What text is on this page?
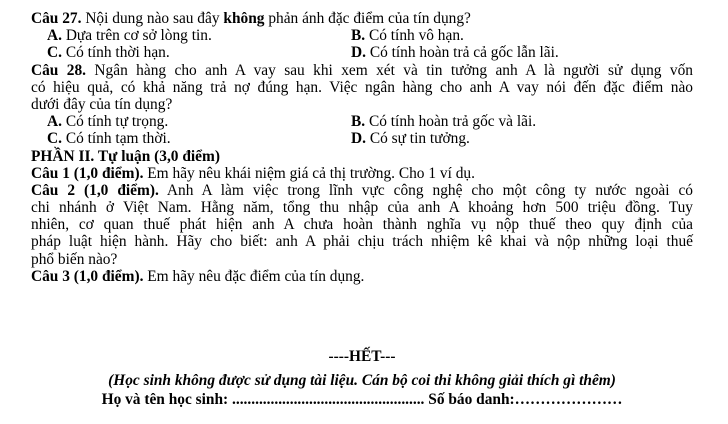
Câu 27. Nội dung nào sau đây không phản ánh đặc điểm của tín dụng?
A. Dựa trên cơ sở lòng tin.	B. Có tính vô hạn.
C. Có tính thời hạn.	D. Có tính hoàn trả cả gốc lẫn lãi.
Câu 28. Ngân hàng cho anh A vay sau khi xem xét và tin tưởng anh A là người sử dụng vốn
có hiệu quả, có khả năng trả nợ đúng hạn. Việc ngân hàng cho anh A vay nói đến đặc điểm nào
dưới đây của tín dụng?
A. Có tính tự trọng.	B. Có tính hoàn trả gốc và lãi.
C. Có tính tạm thời.	D. Có sự tin tưởng.
PHẦN II. Tự luận (3,0 điểm)
Câu 1 (1,0 điểm). Em hãy nêu khái niệm giá cả thị trường. Cho 1 ví dụ.
Câu 2 (1,0 điểm). Anh A làm việc trong lĩnh vực công nghệ cho một công ty nước ngoài có
chi nhánh ở Việt Nam. Hằng năm, tổng thu nhập của anh A khoảng hơn 500 triệu đồng. Tuy
nhiên, cơ quan thuế phát hiện anh A chưa hoàn thành nghĩa vụ nộp thuế theo quy định của
pháp luật hiện hành. Hãy cho biết: anh A phải chịu trách nhiệm kê khai và nộp những loại thuế
phổ biến nào?
Câu 3 (1,0 điểm). Em hãy nêu đặc điểm của tín dụng.
----HẾT---
(Học sinh không được sử dụng tài liệu. Cán bộ coi thi không giải thích gì thêm)
Họ và tên học sinh: .................................................. Số báo danh:…………………
